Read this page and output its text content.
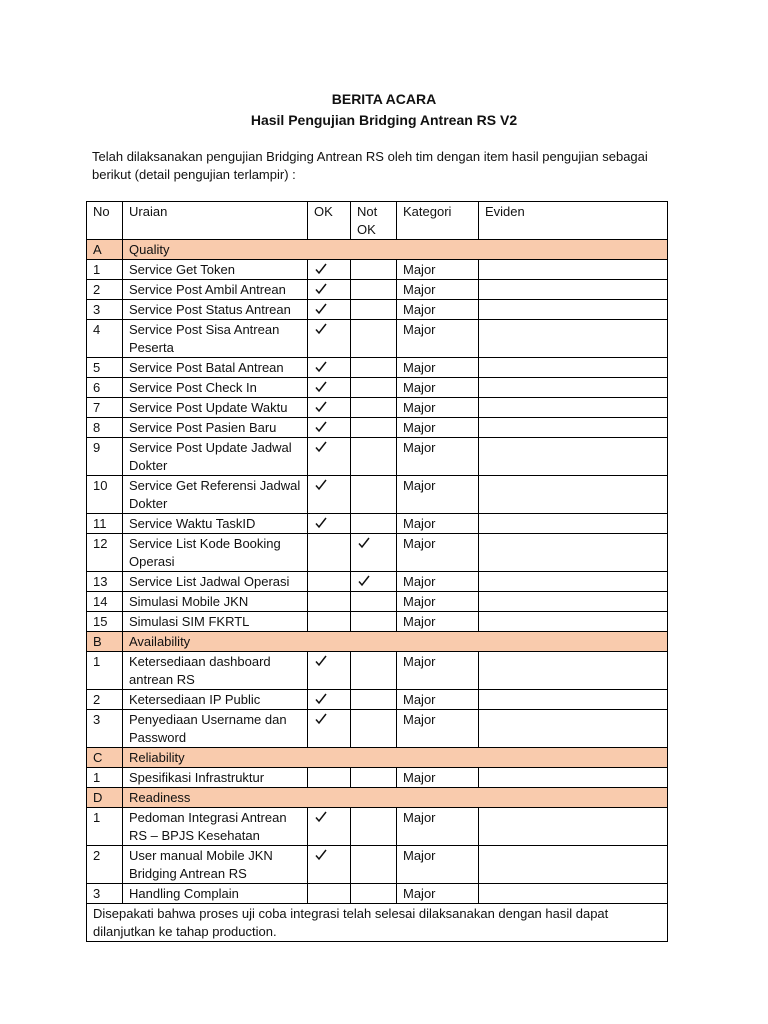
BERITA ACARA
Hasil Pengujian Bridging Antrean RS V2
Telah dilaksanakan pengujian Bridging Antrean RS oleh tim dengan item hasil pengujian sebagai berikut (detail pengujian terlampir) :
No	Uraian	OK	Not OK	Kategori	Eviden
A	Quality				
1	Service Get Token			Major	
2	Service Post Ambil Antrean			Major	
3	Service Post Status Antrean			Major	
4	Service Post Sisa Antrean Peserta			Major	
5	Service Post Batal Antrean			Major	
6	Service Post Check In			Major	
7	Service Post Update Waktu			Major	
8	Service Post Pasien Baru			Major	
9	Service Post Update Jadwal Dokter			Major	
10	Service Get Referensi Jadwal Dokter			Major	
11	Service Waktu TaskID			Major	
12	Service List Kode Booking Operasi			Major	
13	Service List Jadwal Operasi			Major	
14	Simulasi Mobile JKN			Major	
15	Simulasi SIM FKRTL			Major	
B	Availability				
1	Ketersediaan dashboard antrean RS			Major	
2	Ketersediaan IP Public			Major	
3	Penyediaan Username dan Password			Major	
C	Reliability				
1	Spesifikasi Infrastruktur			Major	
D	Readiness				
1	Pedoman Integrasi Antrean RS – BPJS Kesehatan			Major	
2	User manual Mobile JKN Bridging Antrean RS			Major	
3	Handling Complain			Major	
Disepakati bahwa proses uji coba integrasi telah selesai dilaksanakan dengan hasil dapat dilanjutkan ke tahap production.					
